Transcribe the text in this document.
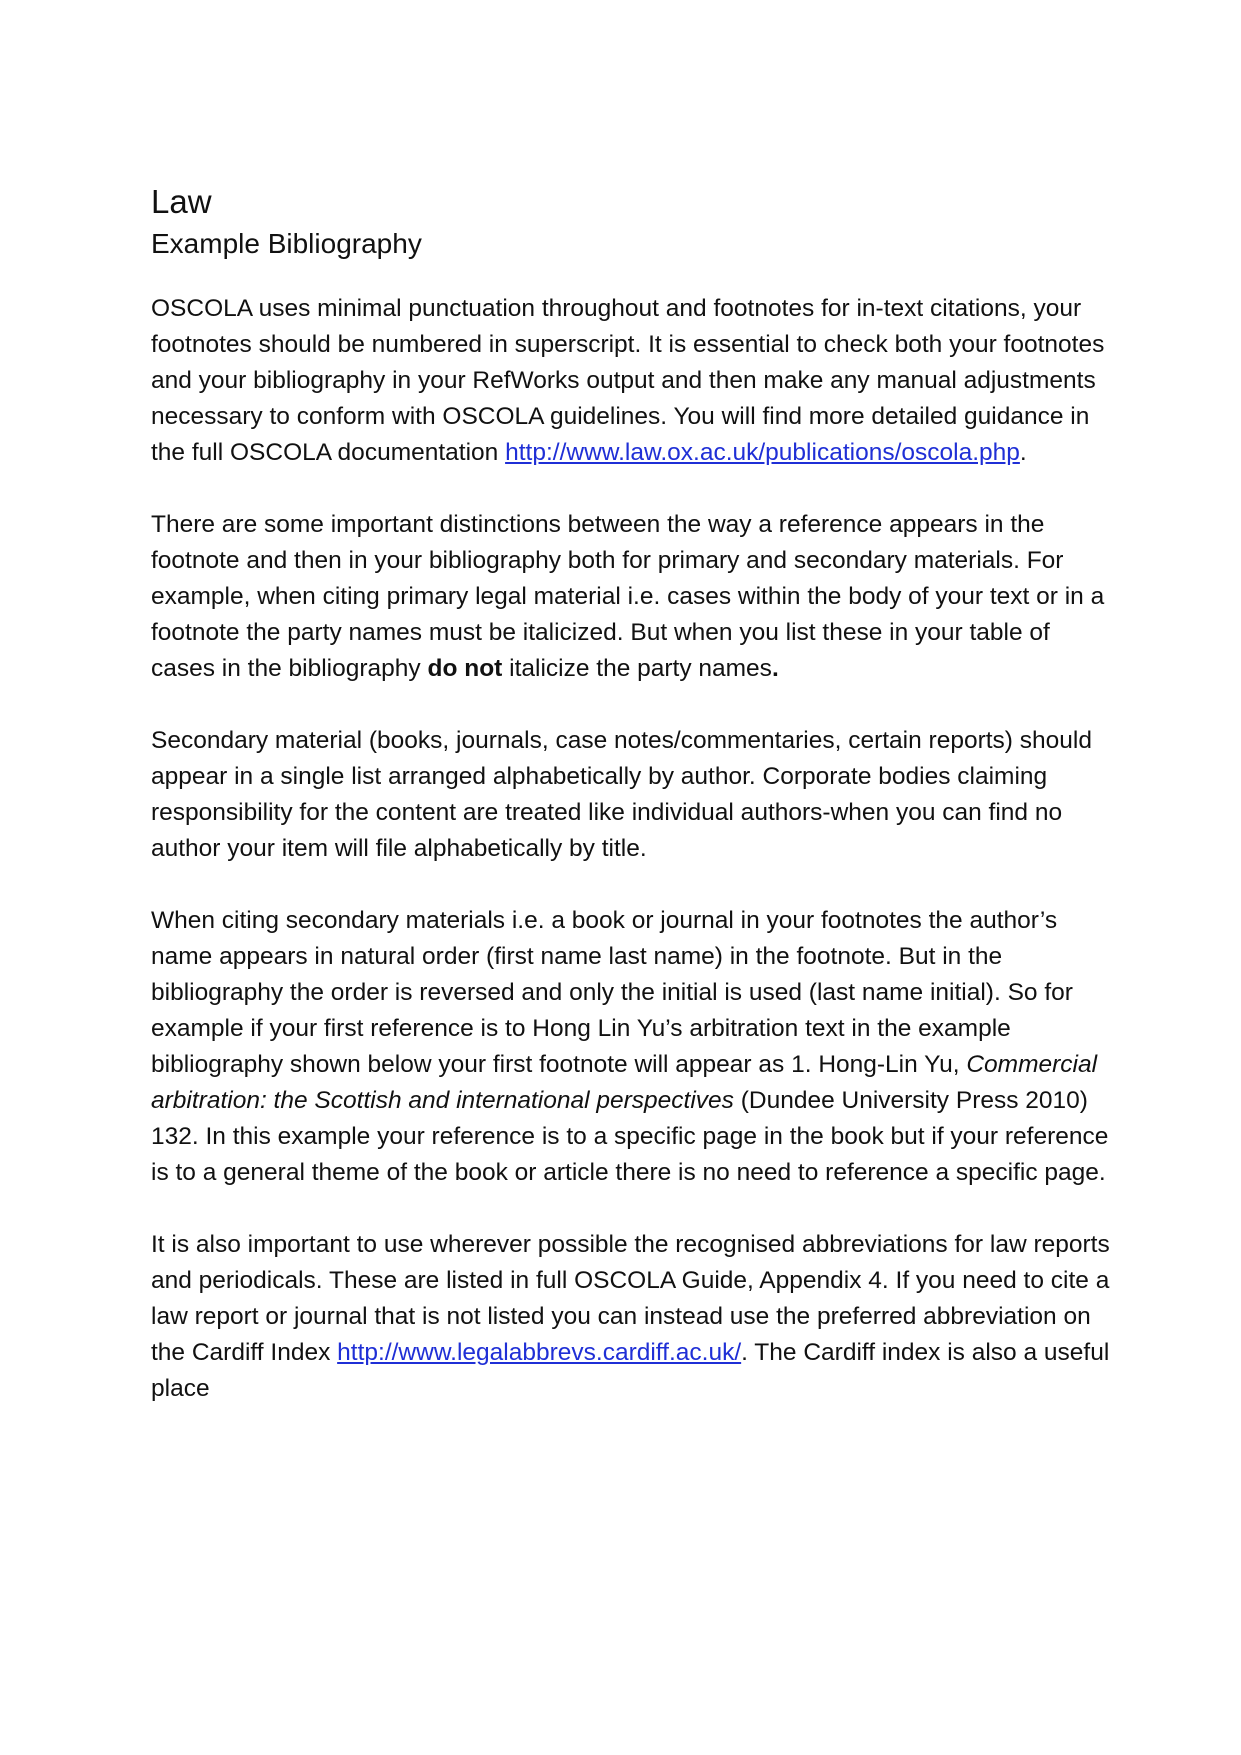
Law
Example Bibliography

OSCOLA uses minimal punctuation throughout and footnotes for in-text citations, your footnotes should be numbered in superscript. It is essential to check both your footnotes and your bibliography in your RefWorks output and then make any manual adjustments necessary to conform with OSCOLA guidelines. You will find more detailed guidance in the full OSCOLA documentation http://www.law.ox.ac.uk/publications/oscola.php.

There are some important distinctions between the way a reference appears in the footnote and then in your bibliography both for primary and secondary materials. For example, when citing primary legal material i.e. cases within the body of your text or in a footnote the party names must be italicized. But when you list these in your table of cases in the bibliography do not italicize the party names.

Secondary material (books, journals, case notes/commentaries, certain reports) should appear in a single list arranged alphabetically by author. Corporate bodies claiming responsibility for the content are treated like individual authors-when you can find no author your item will file alphabetically by title.

When citing secondary materials i.e. a book or journal in your footnotes the author’s name appears in natural order (first name last name) in the footnote. But in the bibliography the order is reversed and only the initial is used (last name initial). So for example if your first reference is to Hong Lin Yu’s arbitration text in the example bibliography shown below your first footnote will appear as 1. Hong-Lin Yu, Commercial arbitration: the Scottish and international perspectives (Dundee University Press 2010) 132. In this example your reference is to a specific page in the book but if your reference is to a general theme of the book or article there is no need to reference a specific page.

It is also important to use wherever possible the recognised abbreviations for law reports and periodicals. These are listed in full OSCOLA Guide, Appendix 4. If you need to cite a law report or journal that is not listed you can instead use the preferred abbreviation on the Cardiff Index http://www.legalabbrevs.cardiff.ac.uk/. The Cardiff index is also a useful place
